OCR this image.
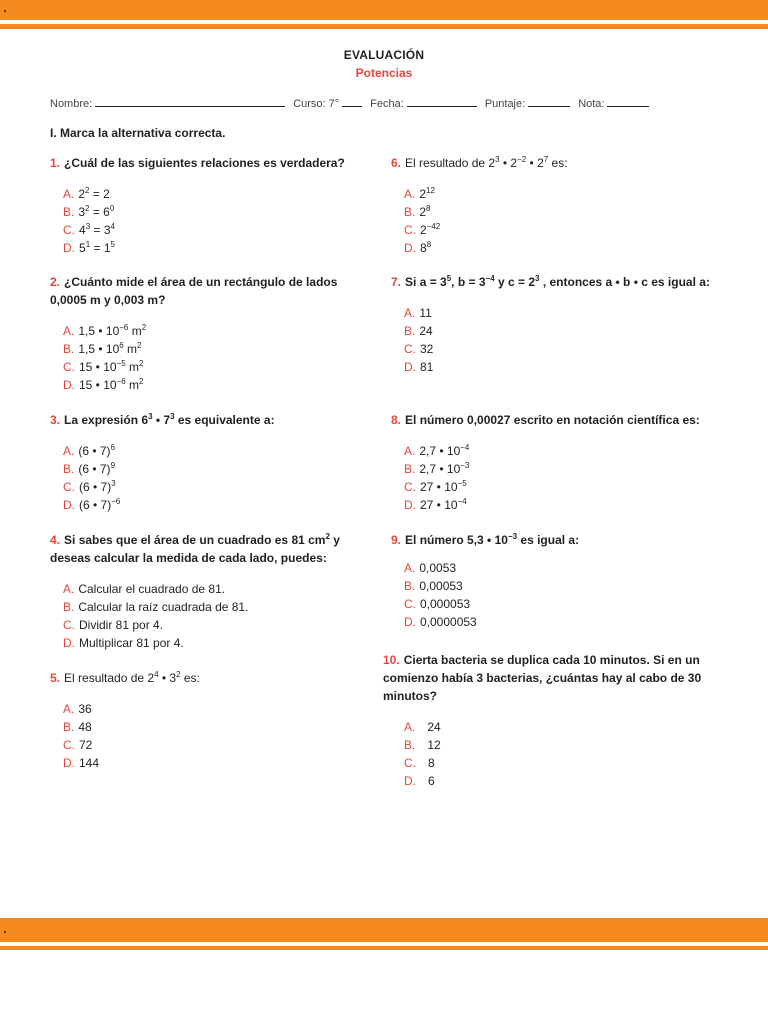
EVALUACIÓN
Potencias
Nombre:	Curso: 7°	Fecha:	Puntaje:	Nota:
I. Marca la alternativa correcta.
1. ¿Cuál de las siguientes relaciones es verdadera?
A. $2^2 = 2$
B. $3^2 = 6^0$
C. $4^3 = 3^4$
D. $5^1 = 1^5$
2. ¿Cuánto mide el área de un rectángulo de lados 0,0005 m y 0,003 m?
A. 1,5 • $10^{-6}$ $m^2$
B. 1,5 • $10^6$ $m^2$
C. 15 • $10^{-5}$ $m^2$
D. 15 • $10^{-6}$ $m^2$
3. La expresión $6^3$ • $7^3$ es equivalente a:
A. (6 • 7)$^6$
B. (6 • 7)$^9$
C. (6 • 7)$^3$
D. (6 • 7)$^{-6}$
4. Si sabes que el área de un cuadrado es 81 $cm^2$ y deseas calcular la medida de cada lado, puedes:
A. Calcular el cuadrado de 81.
B. Calcular la raíz cuadrada de 81.
C. Dividir 81 por 4.
D. Multiplicar 81 por 4.
5. El resultado de $2^4$ • $3^2$ es:
A. 36
B. 48
C. 72
D. 144
6. El resultado de $2^3$ • $2^{-2}$ • $2^7$ es:
A. $2^{12}$
B. $2^8$
C. $2^{-42}$
D. $8^8$
7. Si $a = 3^5$, $b = 3^{-4}$ y $c = 2^3$ , entonces a • b • c es igual a:
A. 11
B. 24
C. 32
D. 81
8. El número 0,00027 escrito en notación científica es:
A. 2,7 • $10^{-4}$
B. 2,7 • $10^{-3}$
C. 27 • $10^{-5}$
D. 27 • $10^{-4}$
9. El número 5,3 • $10^{-3}$ es igual a:
A. 0,0053
B. 0,00053
C. 0,000053
D. 0,0000053
10. Cierta bacteria se duplica cada 10 minutos. Si en un comienzo había 3 bacterias, ¿cuántas hay al cabo de 30 minutos?
A. 24
B. 12
C. 8
D. 6
